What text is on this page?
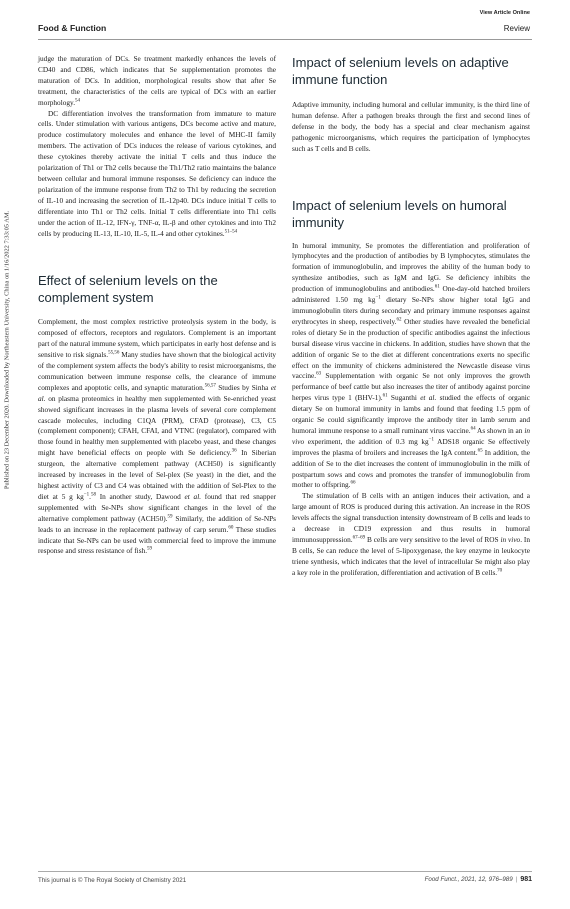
Published on 23 December 2020. Downloaded by Northeastern University, China on 1/16/2022 7:33:05 AM.
View Article Online
Food & Function	Review

judge the maturation of DCs. Se treatment markedly enhances the levels of CD40 and CD86, which indicates that Se supplementation promotes the maturation of DCs. In addition, morphological results show that after Se treatment, the characteristics of the cells are typical of DCs with an earlier morphology.$^{54}$

DC differentiation involves the transformation from immature to mature cells. Under stimulation with various antigens, DCs become active and mature, produce costimulatory molecules and enhance the level of MHC-II family members. The activation of DCs induces the release of various cytokines, and these cytokines thereby activate the initial T cells and thus induce the polarization of Th1 or Th2 cells because the Th1/Th2 ratio maintains the balance between cellular and humoral immune responses. Se deficiency can induce the polarization of the immune response from Th2 to Th1 by reducing the secretion of IL-10 and increasing the secretion of IL-12p40. DCs induce initial T cells to differentiate into Th1 or Th2 cells. Initial T cells differentiate into Th1 cells under the action of IL-12, IFN-γ, TNF-α, IL-β and other cytokines and into Th2 cells by producing IL-13, IL-10, IL-5, IL-4 and other cytokines.$^{51-54}$

Effect of selenium levels on the complement system

Complement, the most complex restrictive proteolysis system in the body, is composed of effectors, receptors and regulators. Complement is an important part of the natural immune system, which participates in early host defense and is sensitive to risk signals.$^{55,56}$ Many studies have shown that the biological activity of the complement system affects the body's ability to resist microorganisms, the communication between immune response cells, the clearance of immune complexes and apoptotic cells, and synaptic maturation.$^{56,57}$ Studies by Sinha et al. on plasma proteomics in healthy men supplemented with Se-enriched yeast showed significant increases in the plasma levels of several core complement cascade molecules, including C1QA (PRM), CFAD (protease), C3, C5 (complement component); CFAH, CFAI, and VTNC (regulator), compared with those found in healthy men supplemented with placebo yeast, and these changes might have beneficial effects on people with Se deficiency.$^{36}$ In Siberian sturgeon, the alternative complement pathway (ACH50) is significantly increased by increases in the level of Sel-plex (Se yeast) in the diet, and the highest activity of C3 and C4 was obtained with the addition of Sel-Plex to the diet at 5 g $kg^{-1}.^{58}$ In another study, Dawood et al. found that red snapper supplemented with Se-NPs show significant changes in the level of the alternative complement pathway (ACH50).$^{59}$ Similarly, the addition of Se-NPs leads to an increase in the replacement pathway of carp serum.$^{60}$ These studies indicate that Se-NPs can be used with commercial feed to improve the immune response and stress resistance of fish.$^{59}$

Impact of selenium levels on adaptive immune function

Adaptive immunity, including humoral and cellular immunity, is the third line of human defense. After a pathogen breaks through the first and second lines of defense in the body, the body has a special and clear mechanism against pathogenic microorganisms, which requires the participation of lymphocytes such as T cells and B cells.

Impact of selenium levels on humoral immunity

In humoral immunity, Se promotes the differentiation and proliferation of lymphocytes and the production of antibodies by B lymphocytes, stimulates the formation of immunoglobulin, and improves the ability of the human body to synthesize antibodies, such as IgM and IgG. Se deficiency inhibits the production of immunoglobulins and antibodies.$^{61}$ One-day-old hatched broilers administered 1.50 mg $kg^{-1}$ dietary Se-NPs show higher total IgG and immunoglobulin titers during secondary and primary immune responses against erythrocytes in sheep, respectively.$^{62}$ Other studies have revealed the beneficial roles of dietary Se in the production of specific antibodies against the infectious bursal disease virus vaccine in chickens. In addition, studies have shown that the addition of organic Se to the diet at different concentrations exerts no specific effect on the immunity of chickens administered the Newcastle disease virus vaccine.$^{63}$ Supplementation with organic Se not only improves the growth performance of beef cattle but also increases the titer of antibody against porcine herpes virus type 1 (BHV-1).$^{61}$ Suganthi et al. studied the effects of organic dietary Se on humoral immunity in lambs and found that feeding 1.5 ppm of organic Se could significantly improve the antibody titer in lamb serum and humoral immune response to a small ruminant virus vaccine.$^{64}$ As shown in an in vivo experiment, the addition of 0.3 mg $kg^{-1}$ ADS18 organic Se effectively improves the plasma of broilers and increases the IgA content.$^{65}$ In addition, the addition of Se to the diet increases the content of immunoglobulin in the milk of postpartum sows and cows and promotes the transfer of immunoglobulin from mother to offspring.$^{66}$

The stimulation of B cells with an antigen induces their activation, and a large amount of ROS is produced during this activation. An increase in the ROS levels affects the signal transduction intensity downstream of B cells and leads to a decrease in CD19 expression and thus results in humoral immunosuppression.$^{67-69}$ B cells are very sensitive to the level of ROS in vivo. In B cells, Se can reduce the level of 5-lipoxygenase, the key enzyme in leukocyte triene synthesis, which indicates that the level of intracellular Se might also play a key role in the proliferation, differentiation and activation of B cells.$^{70}$

This journal is © The Royal Society of Chemistry 2021	Food Funct., 2021, 12, 976–989 | 981
